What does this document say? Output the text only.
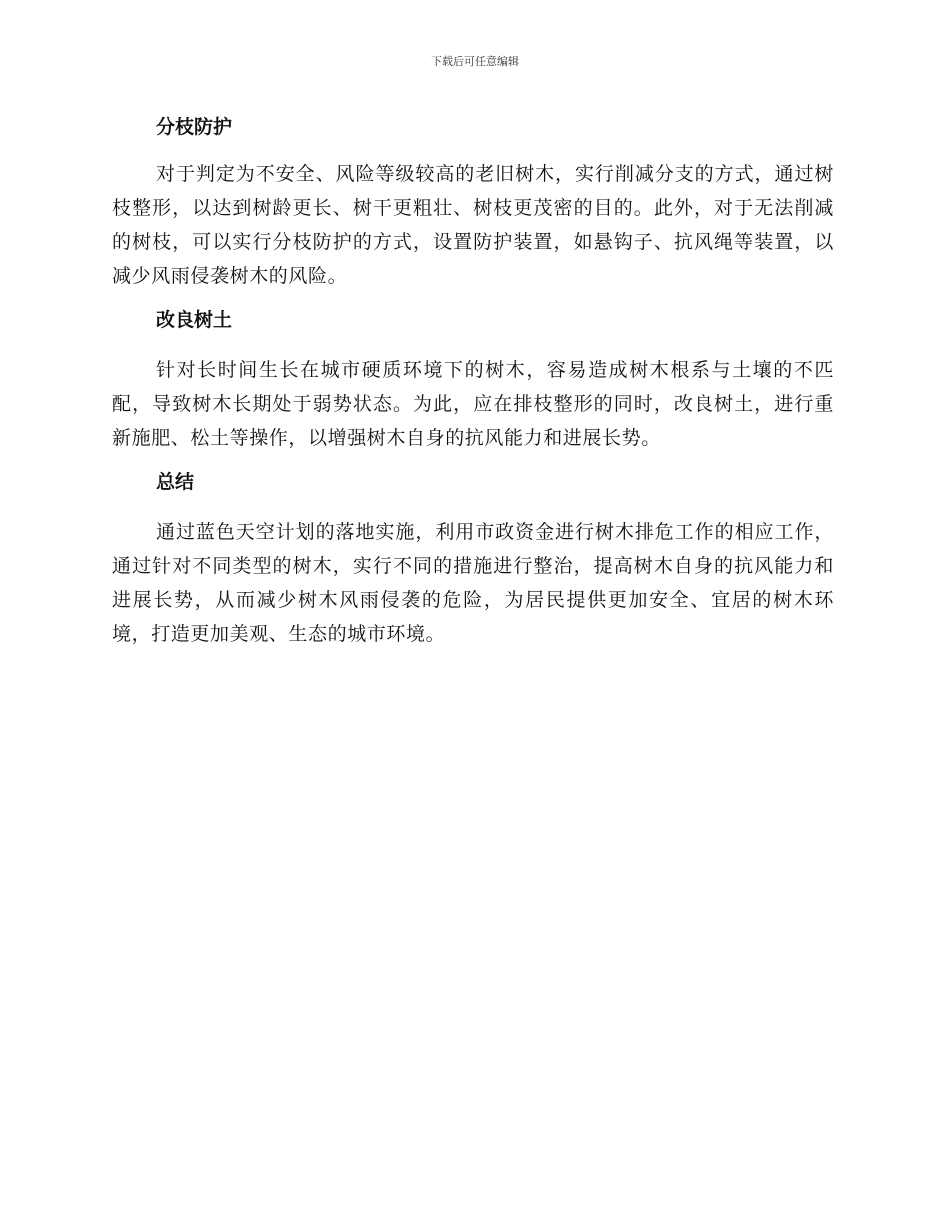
下载后可任意编辑
分枝防护

对于判定为不安全、风险等级较高的老旧树木，实行削减分支的方式，通过树枝整形，以达到树龄更长、树干更粗壮、树枝更茂密的目的。此外，对于无法削减的树枝，可以实行分枝防护的方式，设置防护装置，如悬钩子、抗风绳等装置，以减少风雨侵袭树木的风险。

改良树土

针对长时间生长在城市硬质环境下的树木，容易造成树木根系与土壤的不匹配，导致树木长期处于弱势状态。为此，应在排枝整形的同时，改良树土，进行重新施肥、松土等操作，以增强树木自身的抗风能力和进展长势。

总结

通过蓝色天空计划的落地实施，利用市政资金进行树木排危工作的相应工作，通过针对不同类型的树木，实行不同的措施进行整治，提高树木自身的抗风能力和进展长势，从而减少树木风雨侵袭的危险，为居民提供更加安全、宜居的树木环境，打造更加美观、生态的城市环境。
